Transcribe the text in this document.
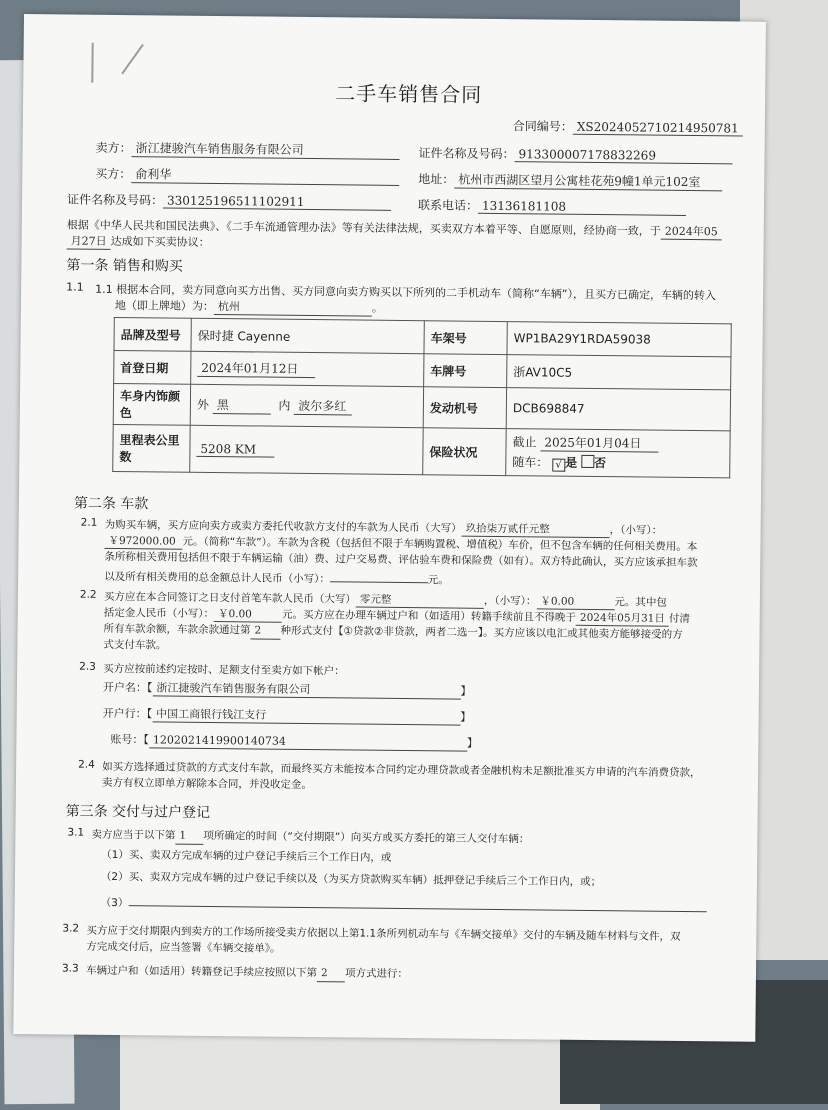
二手车销售合同
合同编号： XS2024052710214950781
卖方： 浙江捷骏汽车销售服务有限公司	证件名称及号码： 913300007178832269
买方： 俞利华	地址： 杭州市西湖区望月公寓桂花苑9幢1单元102室
证件名称及号码： 330125196511102911	联系电话： 13136181108
根据《中华人民共和国民法典》、《二手车流通管理办法》等有关法律法规，买卖双方本着平等、自愿原则，经协商一致，于 2024年05
月27日 达成如下买卖协议：
第一条 销售和购买
1.1 1.1 根据本合同，卖方同意向买方出售、买方同意向卖方购买以下所列的二手机动车（简称“车辆”），且买方已确定，车辆的转入
地（即上牌地）为： 杭州	。
品牌及型号	保时捷 Cayenne	车架号	WP1BA29Y1RDA59038
首登日期	2024年01月12日	车牌号	浙AV10C5
车身内饰颜色	外 黑 内 波尔多红	发动机号	DCB698847
里程表公里数	5208 KM	保险状况	截止 2025年01月04日
随车： √ 是 否
第二条 车款
2.1 为购买车辆，买方应向卖方或卖方委托代收款方支付的车款为人民币（大写） 玖拾柒万贰仟元整	，（小写）：
￥972000.00 元。（简称“车款”）。车款为含税（包括但不限于车辆购置税、增值税）车价，但不包含车辆的任何相关费用。本
条所称相关费用包括但不限于车辆运输（油）费、过户交易费、评估验车费和保险费（如有）。双方特此确认，买方应该承担车款
以及所有相关费用的总金额总计人民币（小写）：	元。
2.2 买方应在本合同签订之日支付首笔车款人民币（大写） 零元整	，（小写）： ￥0.00	元。其中包
括定金人民币（小写）： ￥0.00	元。买方应在办理车辆过户和（如适用）转籍手续前且不得晚于 2024年05月31日 付清
所有车款余额，车款余款通过第 2 种形式支付【①贷款②非贷款，两者二选一】。买方应该以电汇或其他卖方能够接受的方
式支付车款。
2.3 买方应按前述约定按时、足额支付至卖方如下帐户：
开户名：【 浙江捷骏汽车销售服务有限公司	】
开户行：【 中国工商银行钱江支行	】
账号：【 1202021419900140734	】
2.4 如买方选择通过贷款的方式支付车款，而最终买方未能按本合同约定办理贷款或者金融机构未足额批准买方申请的汽车消费贷款，
卖方有权立即单方解除本合同，并没收定金。
第三条 交付与过户登记
3.1 卖方应当于以下第 1 项所确定的时间（“交付期限”）向买方或买方委托的第三人交付车辆：
（1）买、卖双方完成车辆的过户登记手续后三个工作日内，或
（2）买、卖双方完成车辆的过户登记手续以及（为买方贷款购买车辆）抵押登记手续后三个工作日内，或；
（3）
3.2 买方应于交付期限内到卖方的工作场所接受卖方依据以上第1.1条所列机动车与《车辆交接单》交付的车辆及随车材料与文件，双
方完成交付后，应当签署《车辆交接单》。
3.3 车辆过户和（如适用）转籍登记手续应按照以下第 2 项方式进行：
